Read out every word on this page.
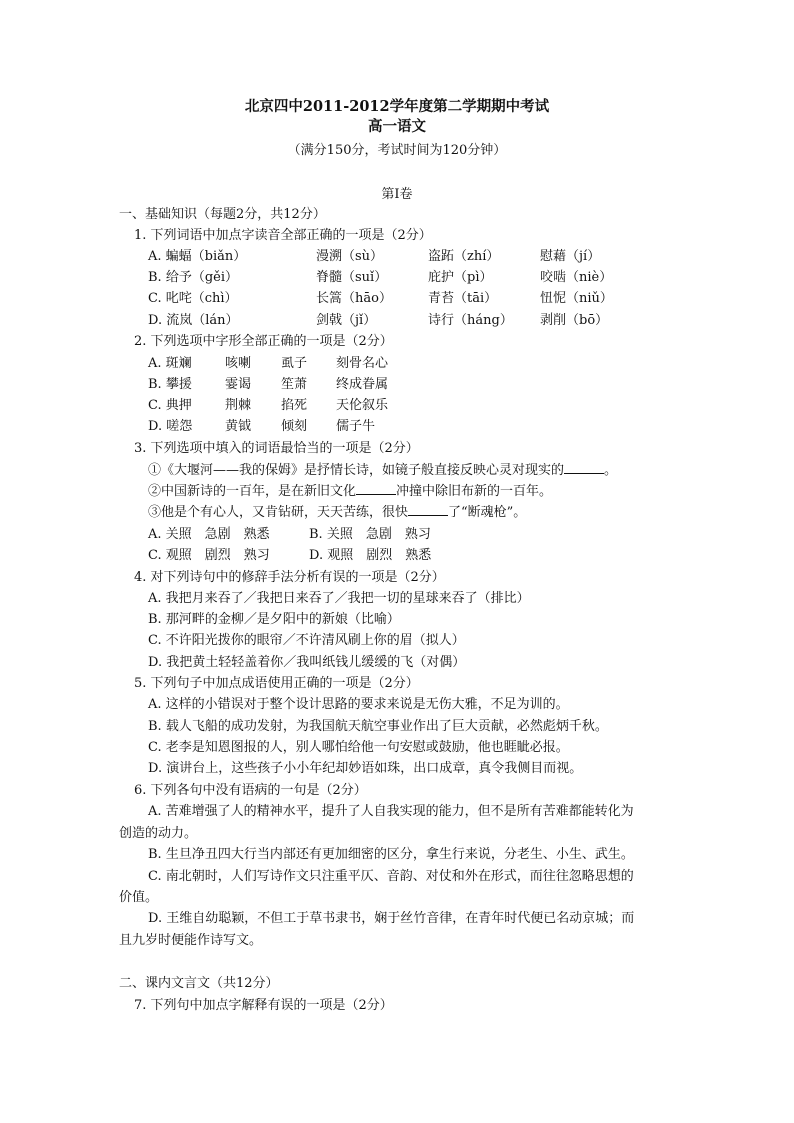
北京四中2011-2012学年度第二学期期中考试
高一语文
（满分150分，考试时间为120分钟）
第Ⅰ卷
一、基础知识（每题2分，共12分）
1. 下列词语中加点字读音全部正确的一项是（2分）
A. 蝙蝠（biǎn）	漫溯（sù）	盗跖（zhí）	慰藉（jí）
B. 给予（gěi）	脊髓（suǐ）	庇护（pì）	咬啮（niè）
C. 叱咤（chì）	长篙（hāo）	青苔（tāi）	忸怩（niǔ）
D. 流岚（lán）	剑戟（jǐ）	诗行（háng） 剥削（bō）
2. 下列选项中字形全部正确的一项是（2分）
A. 斑斓	咳喇 虱子 刻骨名心
B. 攀援	霎谒 笙萧 终成眷属
C. 典押	荆棘 掐死 天伦叙乐
D. 嗟怨	黄钺 倾刻 儒子牛
3. 下列选项中填入的词语最恰当的一项是（2分）
①《大堰河——我的保姆》是抒情长诗，如镜子般直接反映心灵对现实的	。
②中国新诗的一百年，是在新旧文化	冲撞中除旧布新的一百年。
③他是个有心人，又肯钻研，天天苦练，很快	了“断魂枪”。
A. 关照　急剧　熟悉	B. 关照　急剧　熟习
C. 观照　剧烈　熟习	D. 观照　剧烈　熟悉
4. 对下列诗句中的修辞手法分析有误的一项是（2分）
A. 我把月来吞了／我把日来吞了／我把一切的星球来吞了（排比）
B. 那河畔的金柳／是夕阳中的新娘（比喻）
C. 不许阳光拨你的眼帘／不许清风刷上你的眉（拟人）
D. 我把黄土轻轻盖着你／我叫纸钱儿缓缓的飞（对偶）
5. 下列句子中加点成语使用正确的一项是（2分）
A. 这样的小错误对于整个设计思路的要求来说是无伤大雅，不足为训的。
B. 载人飞船的成功发射，为我国航天航空事业作出了巨大贡献，必然彪炳千秋。
C. 老李是知恩图报的人，别人哪怕给他一句安慰或鼓励，他也睚眦必报。
D. 演讲台上，这些孩子小小年纪却妙语如珠，出口成章，真令我侧目而视。
6. 下列各句中没有语病的一句是（2分）
A. 苦难增强了人的精神水平，提升了人自我实现的能力，但不是所有苦难都能转化为
创造的动力。
B. 生旦净丑四大行当内部还有更加细密的区分，拿生行来说，分老生、小生、武生。
C. 南北朝时，人们写诗作文只注重平仄、音韵、对仗和外在形式，而往往忽略思想的
价值。
D. 王维自幼聪颖，不但工于草书隶书，娴于丝竹音律，在青年时代便已名动京城；而
且九岁时便能作诗写文。
二、课内文言文（共12分）
7. 下列句中加点字解释有误的一项是（2分）
